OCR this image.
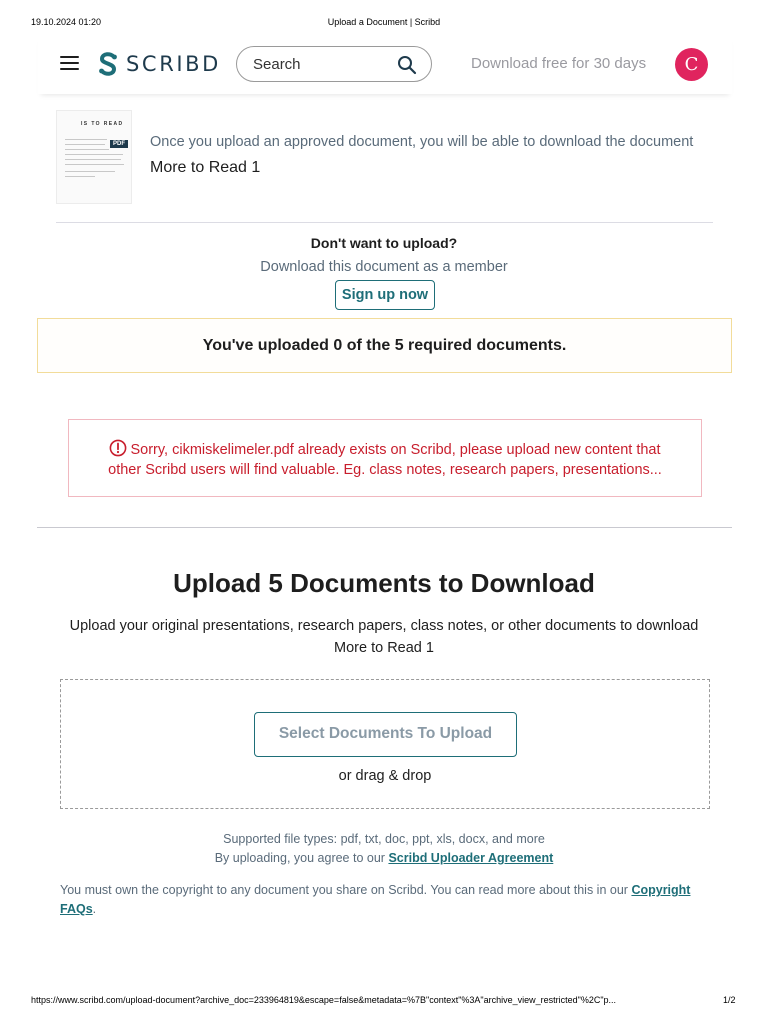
19.10.2024 01:20	Upload a Document | Scribd
SCRIBD Search	Download free for 30 days	C
IS TO READ
PDF Once you upload an approved document, you will be able to download the document
More to Read 1
Don't want to upload?
Download this document as a member
Sign up now
You've uploaded 0 of the 5 required documents.
Sorry, cikmiskelimeler.pdf already exists on Scribd, please upload new content that
other Scribd users will find valuable. Eg. class notes, research papers, presentations...
Upload 5 Documents to Download
Upload your original presentations, research papers, class notes, or other documents to download
More to Read 1
Select Documents To Upload
or drag & drop
Supported file types: pdf, txt, doc, ppt, xls, docx, and more
By uploading, you agree to our Scribd Uploader Agreement
You must own the copyright to any document you share on Scribd. You can read more about this in our Copyright FAQs.
https://www.scribd.com/upload-document?archive_doc=233964819&escape=false&metadata=%7B"context"%3A"archive_view_restricted"%2C"p...	1/2
